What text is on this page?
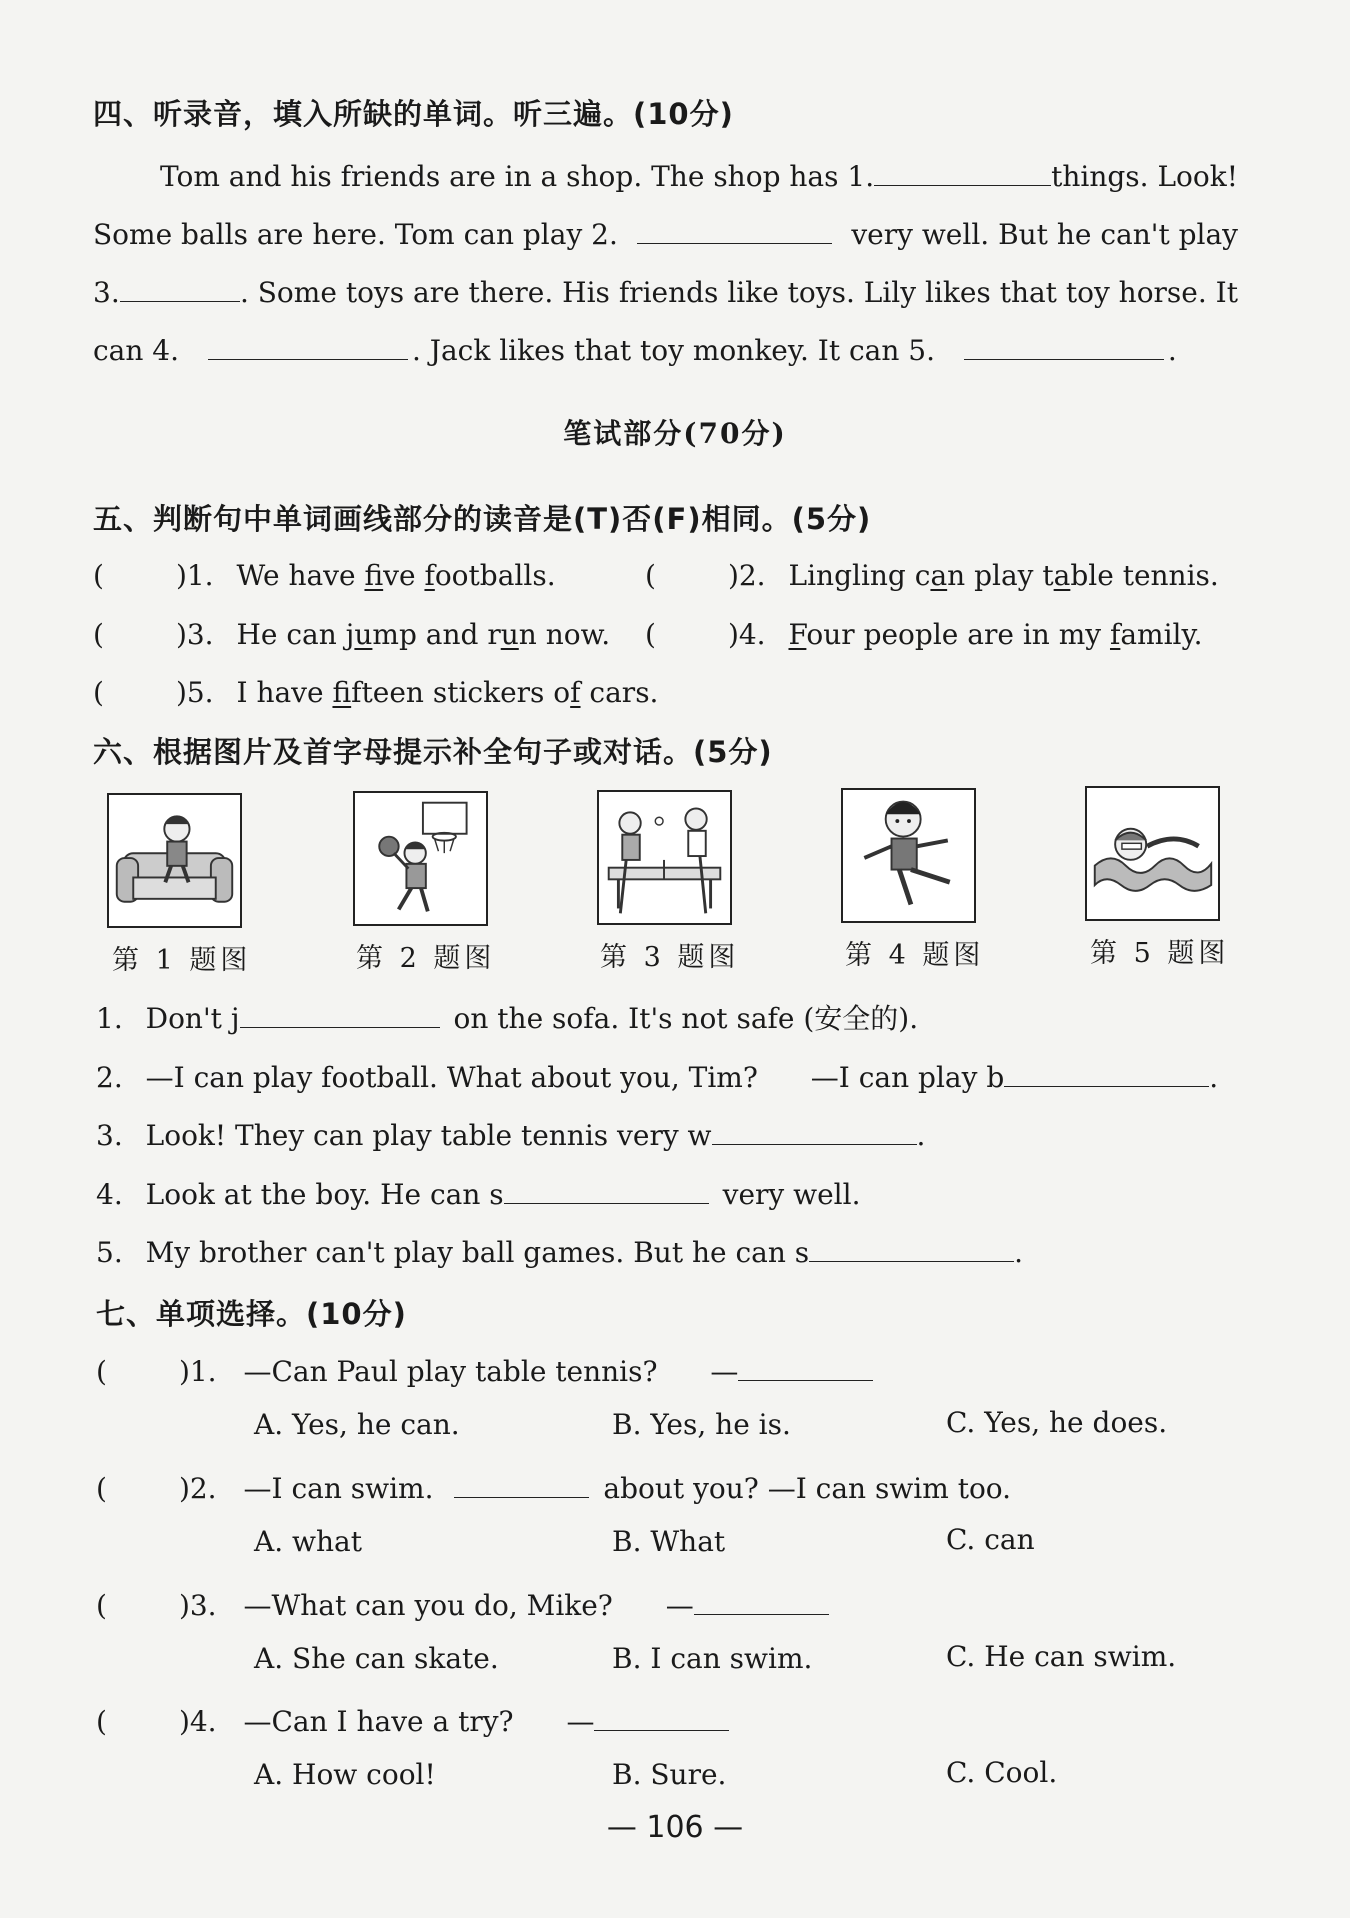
四、听录音，填入所缺的单词。听三遍。(10分)
Tom and his friends are in a shop. The shop has 1.	things. Look!
Some balls are here. Tom can play 2.	very well. But he can't play
3.	. Some toys are there. His friends like toys. Lily likes that toy horse. It
can 4.	. Jack likes that toy monkey. It can 5.	.
笔试部分(70分)
五、判断句中单词画线部分的读音是(T)否(F)相同。(5分)
(	)1. We have five footballs.	(	)2. Lingling can play table tennis.
(	)3. He can jump and run now. (	)4. Four people are in my family.
(	)5. I have fifteen stickers of cars.
六、根据图片及首字母提示补全句子或对话。(5分)
第 1 题图	第 2 题图	第 3 题图	第 4 题图	第 5 题图
1. Don't j	on the sofa. It's not safe (安全的).
2. —I can play football. What about you, Tim? —I can play b	.
3. Look! They can play table tennis very w	.
4. Look at the boy. He can s	very well.
5. My brother can't play ball games. But he can s	.
七、单项选择。(10分)
(	)1. —Can Paul play table tennis? —
A. Yes, he can.	B. Yes, he is.	C. Yes, he does.
(	)2. —I can swim.	about you? —I can swim too.
A. what	B. What	C. can
(	)3. —What can you do, Mike? —
A. She can skate.	B. I can swim.	C. He can swim.
(	)4. —Can I have a try? —
A. How cool!	B. Sure.	C. Cool.
— 106 —
